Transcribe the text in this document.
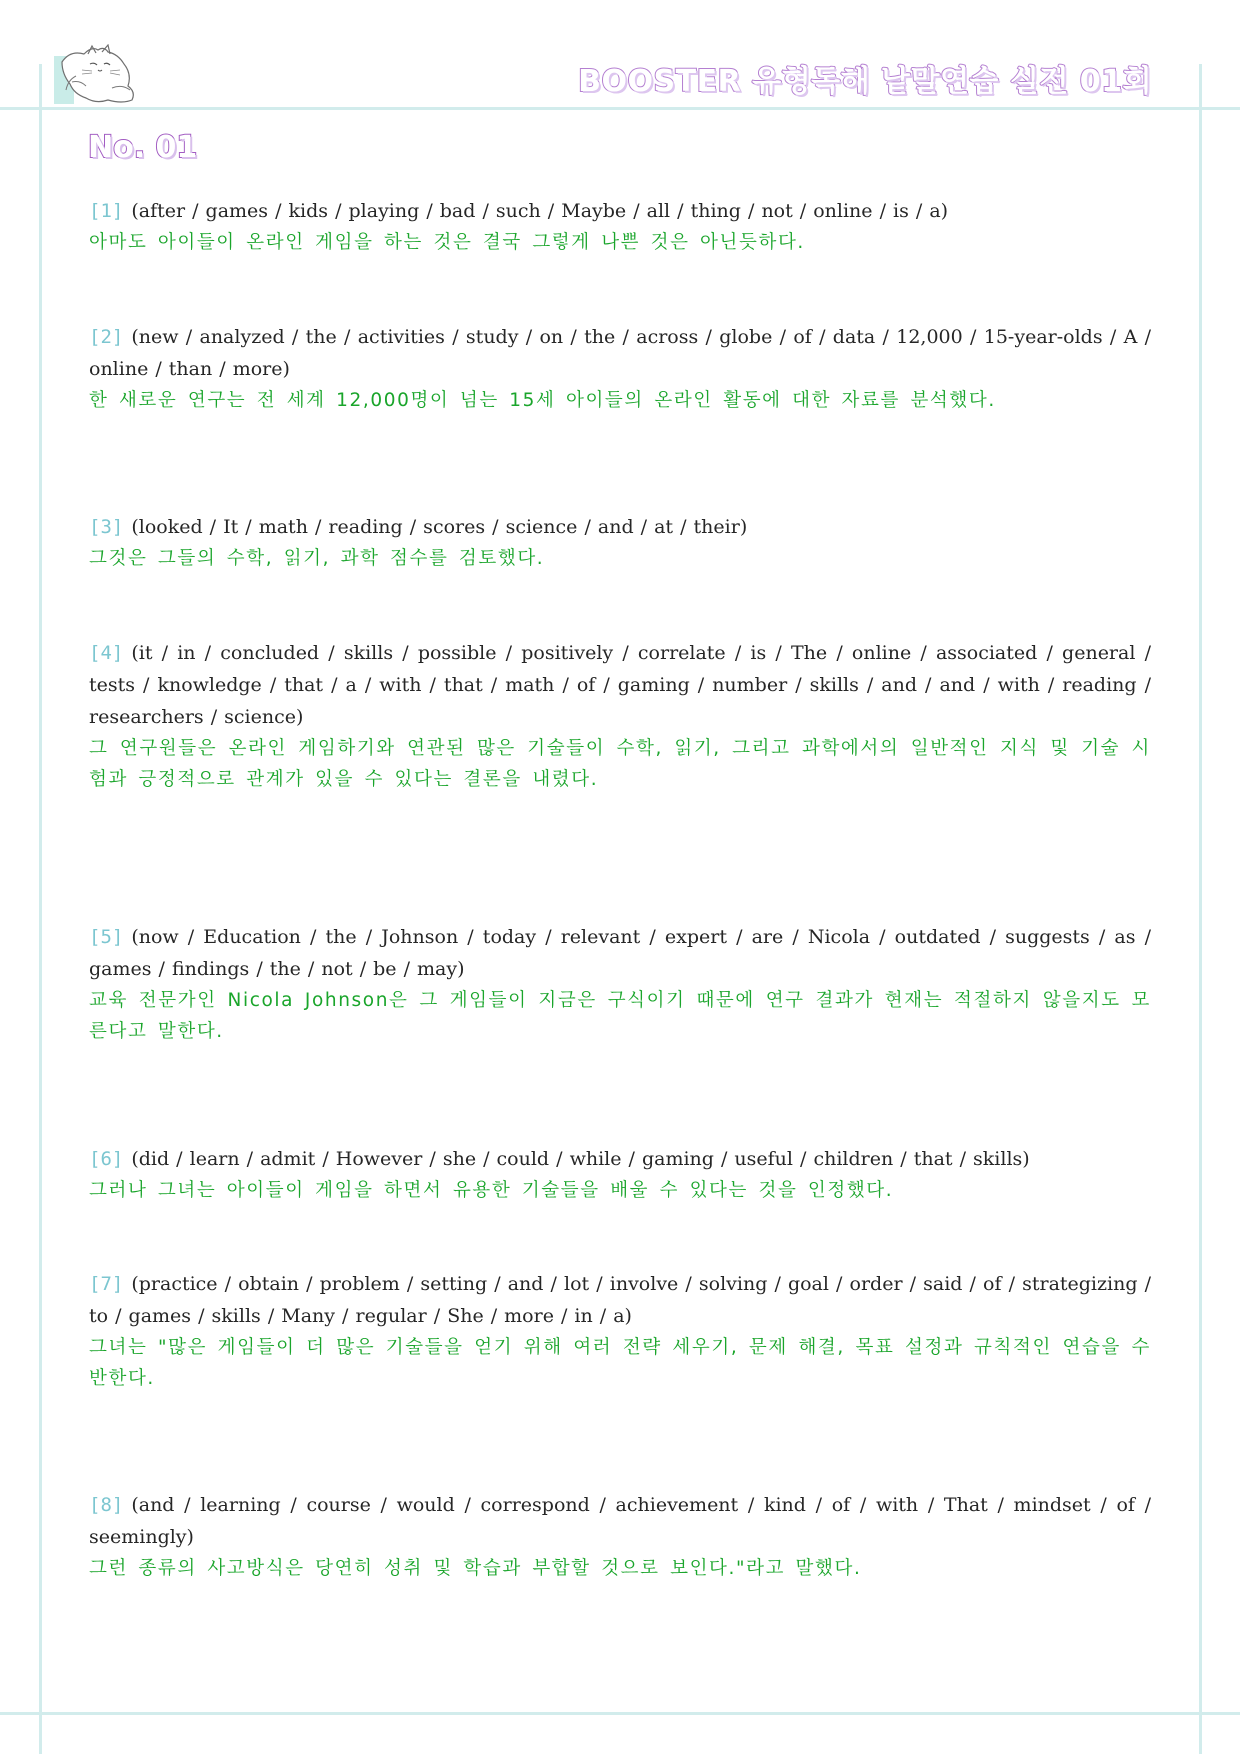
BOOSTER 유형독해 낱말연습 실전 01회
No. 01
[1] (after / games / kids / playing / bad / such / Maybe / all / thing / not / online / is / a)
아마도 아이들이 온라인 게임을 하는 것은 결국 그렇게 나쁜 것은 아닌듯하다.
[2] (new / analyzed / the / activities / study / on / the / across / globe / of / data / 12,000 / 15-year-olds / A / online / than / more)
한 새로운 연구는 전 세계 12,000명이 넘는 15세 아이들의 온라인 활동에 대한 자료를 분석했다.
[3] (looked / It / math / reading / scores / science / and / at / their)
그것은 그들의 수학, 읽기, 과학 점수를 검토했다.
[4] (it / in / concluded / skills / possible / positively / correlate / is / The / online / associated / general / tests / knowledge / that / a / with / that / math / of / gaming / number / skills / and / and / with / reading / researchers / science)
그 연구원들은 온라인 게임하기와 연관된 많은 기술들이 수학, 읽기, 그리고 과학에서의 일반적인 지식 및 기술 시험과 긍정적으로 관계가 있을 수 있다는 결론을 내렸다.
[5] (now / Education / the / Johnson / today / relevant / expert / are / Nicola / outdated / suggests / as / games / findings / the / not / be / may)
교육 전문가인 Nicola Johnson은 그 게임들이 지금은 구식이기 때문에 연구 결과가 현재는 적절하지 않을지도 모른다고 말한다.
[6] (did / learn / admit / However / she / could / while / gaming / useful / children / that / skills)
그러나 그녀는 아이들이 게임을 하면서 유용한 기술들을 배울 수 있다는 것을 인정했다.
[7] (practice / obtain / problem / setting / and / lot / involve / solving / goal / order / said / of / strategizing / to / games / skills / Many / regular / She / more / in / a)
그녀는 "많은 게임들이 더 많은 기술들을 얻기 위해 여러 전략 세우기, 문제 해결, 목표 설정과 규칙적인 연습을 수반한다.
[8] (and / learning / course / would / correspond / achievement / kind / of / with / That / mindset / of / seemingly)
그런 종류의 사고방식은 당연히 성취 및 학습과 부합할 것으로 보인다."라고 말했다.
